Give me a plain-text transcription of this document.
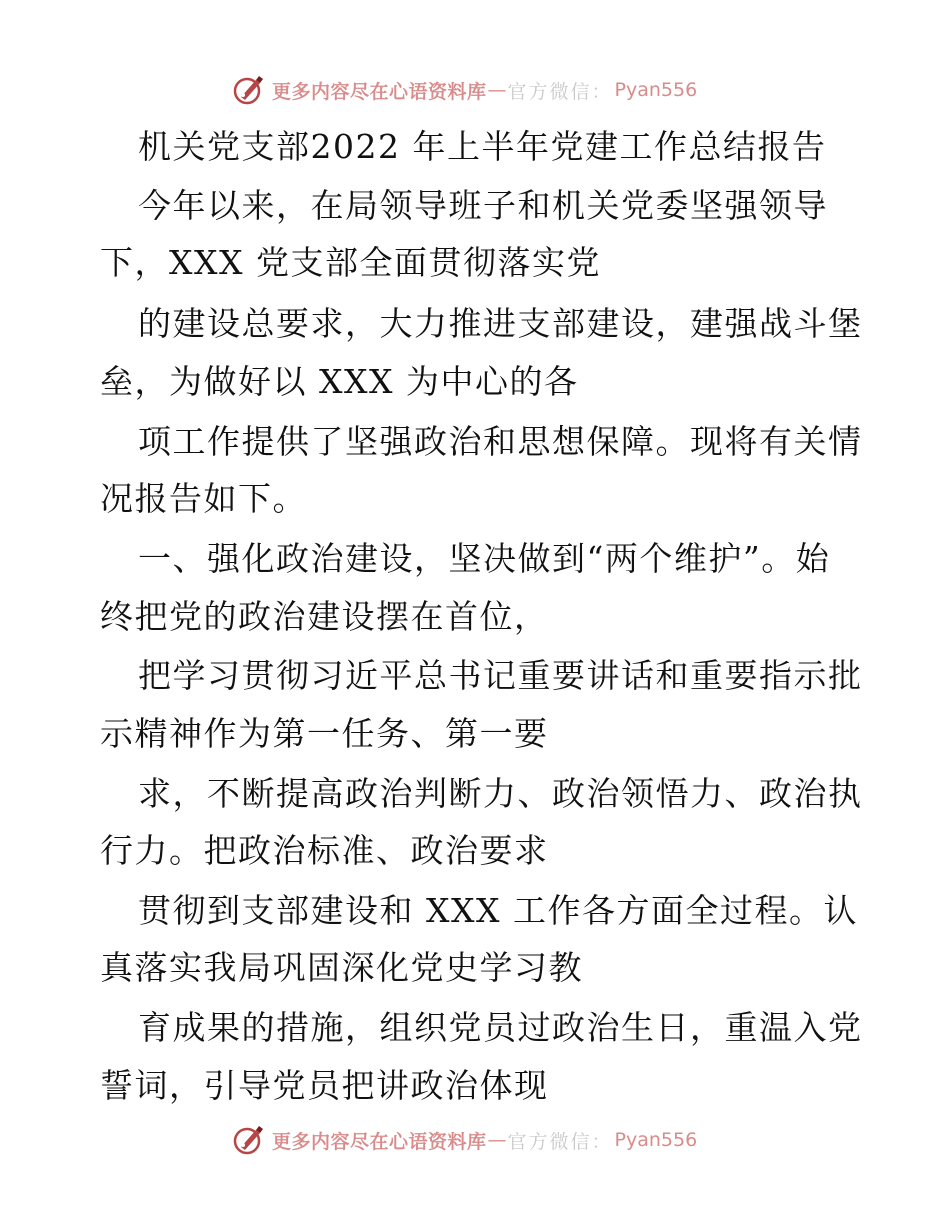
更多内容尽在心语资料库 — 官方微信 ： Pyan556
机关党支部2022 年上半年党建工作总结报告
今年以来，在局领导班子和机关党委坚强领导
下，XXX 党支部全面贯彻落实党
的建设总要求，大力推进支部建设，建强战斗堡
垒，为做好以 XXX 为中心的各
项工作提供了坚强政治和思想保障。现将有关情
况报告如下。
一、强化政治建设，坚决做到“两个维护”。始
终把党的政治建设摆在首位，
把学习贯彻习近平总书记重要讲话和重要指示批
示精神作为第一任务、第一要
求，不断提高政治判断力、政治领悟力、政治执
行力。把政治标准、政治要求
贯彻到支部建设和 XXX 工作各方面全过程。认
真落实我局巩固深化党史学习教
育成果的措施，组织党员过政治生日，重温入党
誓词，引导党员把讲政治体现
更多内容尽在心语资料库 — 官方微信 ： Pyan556
